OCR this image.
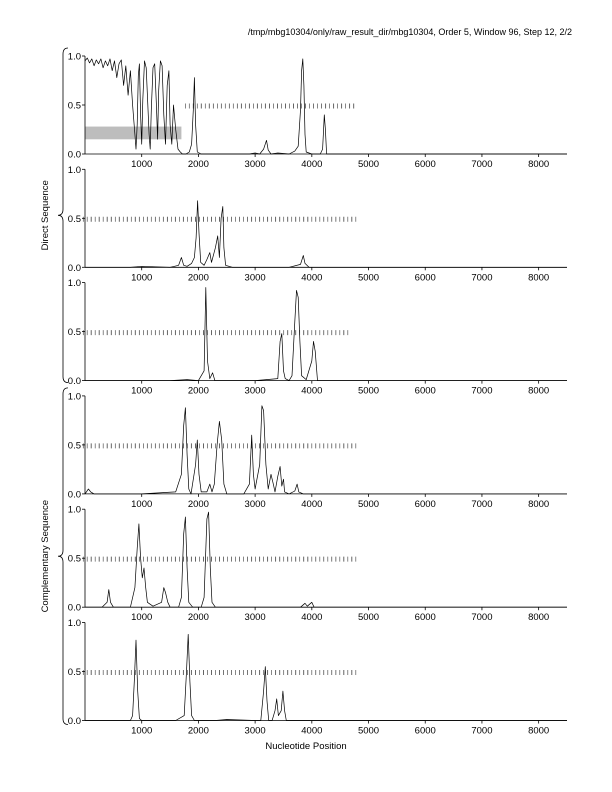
/tmp/mbg10304/only/raw_result_dir/mbg10304, Order 5, Window 96, Step 12, 2/2
0.0
0.5
1.0
1000	2000	3000	4000	5000	6000	7000	8000
0.0
0.5
1.0
1000	2000	3000	4000	5000	6000	7000	8000
0.0
0.5
1.0
1000	2000	3000	4000	5000	6000	7000	8000
0.0
0.5
1.0
1000	2000	3000	4000	5000	6000	7000	8000
0.0
0.5
1.0
1000	2000	3000	4000	5000	6000	7000	8000
0.0
0.5
1.0
1000	2000	3000	4000	5000	6000	7000	8000
Direct Sequence
Complementary Sequence
Nucleotide Position
